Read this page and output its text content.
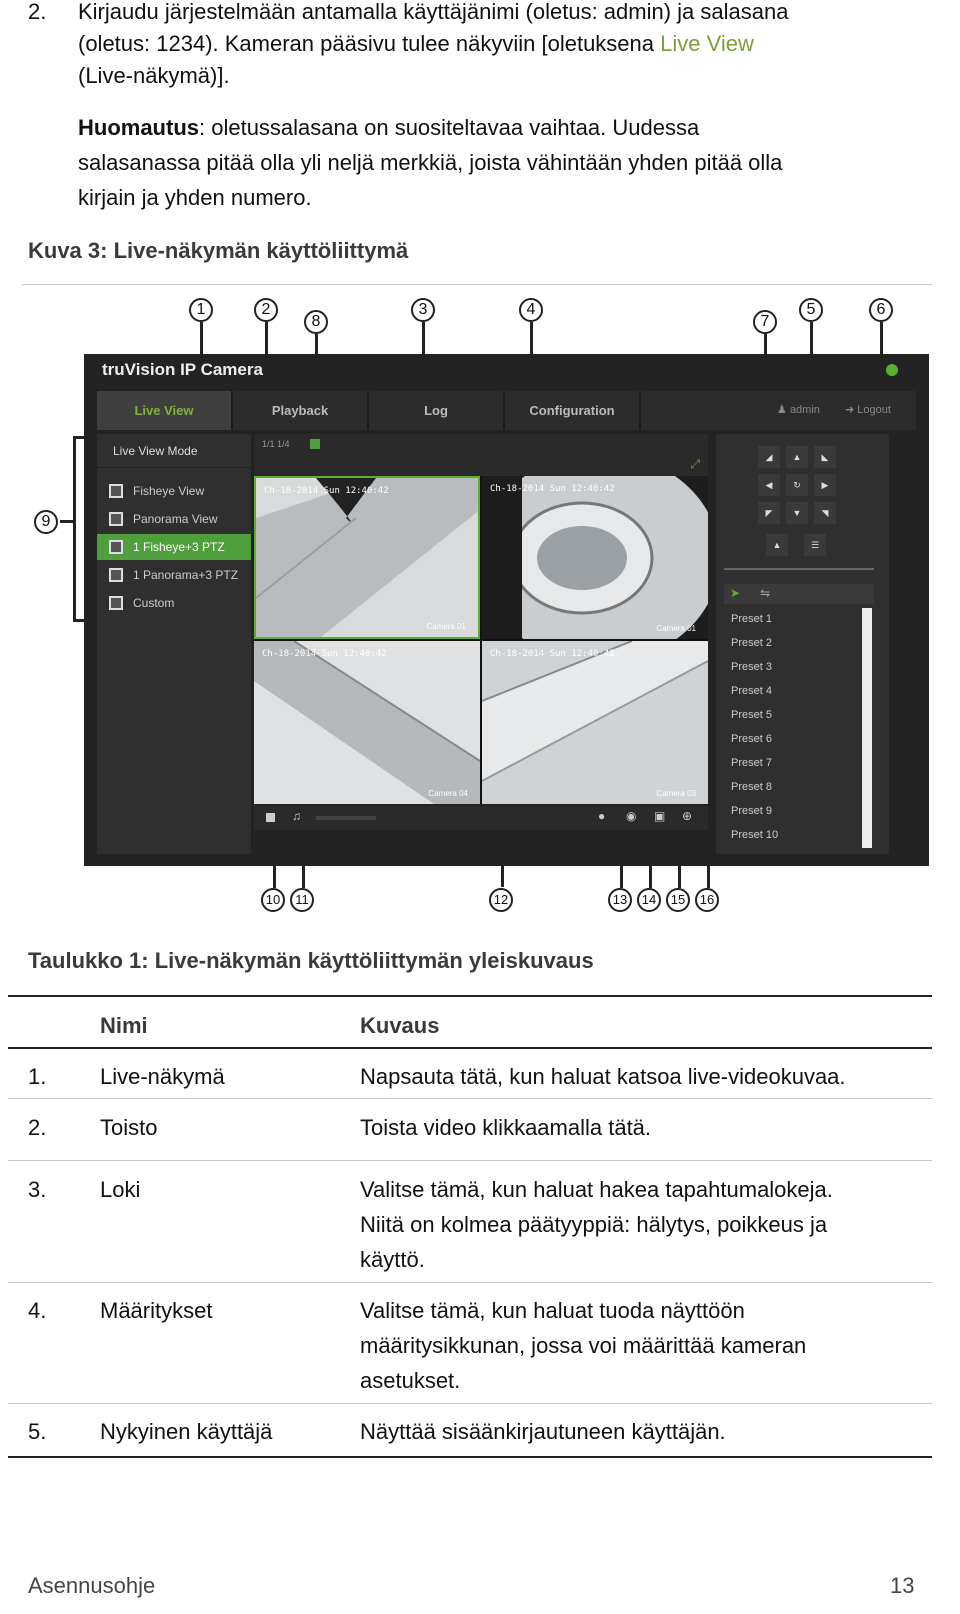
2. Kirjaudu järjestelmään antamalla käyttäjänimi (oletus: admin) ja salasana
(oletus: 1234). Kameran pääsivu tulee näkyviin [oletuksena Live View
(Live-näkymä)].
Huomautus: oletussalasana on suositeltavaa vaihtaa. Uudessa
salasanassa pitää olla yli neljä merkkiä, joista vähintään yhden pitää olla
kirjain ja yhden numero.
Kuva 3: Live-näkymän käyttöliittymä
truVision IP Camera
Live View	Playback	Log	Configuration	♟ admin ➜ Logout
Live View Mode
Fisheye View
Panorama View
1 Fisheye+3 PTZ
1 Panorama+3 PTZ
Custom
1/1 1/4
⤢
Ch-18-2014 Sun 12:40:42
Camera 01
Ch-18-2014 Sun 12:40:42
Camera 01
Ch-18-2014 Sun 12:40:42
Camera 04
Ch-18-2014 Sun 12:40:42
Camera 03
♫	● ◉ ▣ ⊕
◢	▲	◣
◀	↻	▶
◤	▼	◥
▲	☰
➤ ⇋
Preset 1
Preset 2
Preset 3
Preset 4
Preset 5
Preset 6
Preset 7
Preset 8
Preset 9
Preset 10
1	2
8
3	4
7
5	6
9
10	11	12	13	14	15	16
Taulukko 1: Live-näkymän käyttöliittymän yleiskuvaus
Nimi	Kuvaus
1. Live-näkymä	Napsauta tätä, kun haluat katsoa live-videokuvaa.
2. Toisto	Toista video klikkaamalla tätä.
3. Loki	Valitse tämä, kun haluat hakea tapahtumalokeja.
Niitä on kolmea päätyyppiä: hälytys, poikkeus ja
käyttö.
4. Määritykset	Valitse tämä, kun haluat tuoda näyttöön
määritysikkunan, jossa voi määrittää kameran
asetukset.
5. Nykyinen käyttäjä	Näyttää sisäänkirjautuneen käyttäjän.
Asennusohje	13
